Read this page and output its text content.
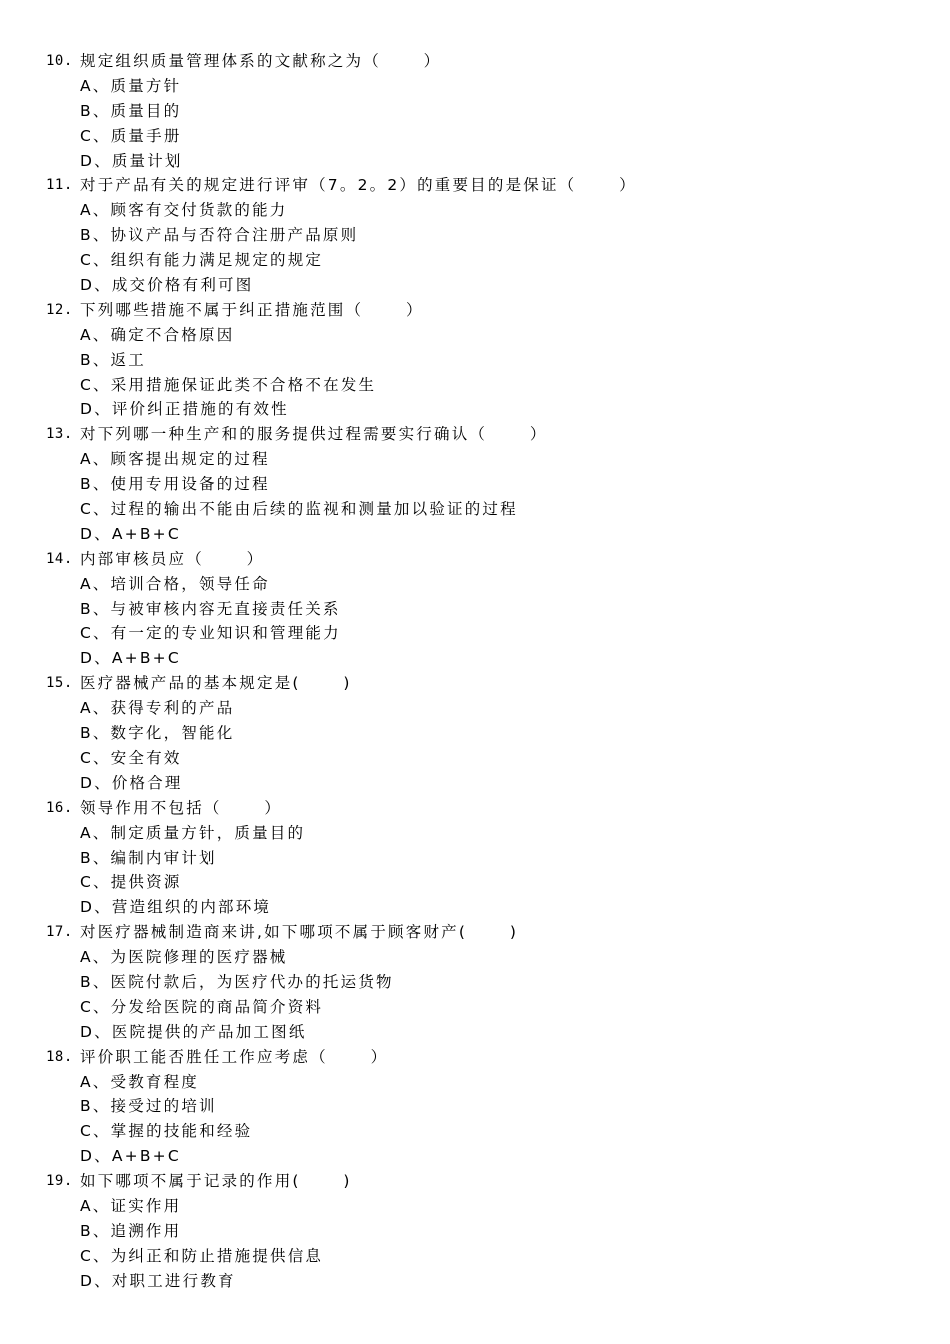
10. 规定组织质量管理体系的文献称之为（      ）
A、质量方针
B、质量目的
C、质量手册
D、质量计划
11. 对于产品有关的规定进行评审（7。2。2）的重要目的是保证（      ）
A、顾客有交付货款的能力
B、协议产品与否符合注册产品原则
C、组织有能力满足规定的规定
D、成交价格有利可图
12. 下列哪些措施不属于纠正措施范围（      ）
A、确定不合格原因
B、返工
C、采用措施保证此类不合格不在发生
D、评价纠正措施的有效性
13. 对下列哪一种生产和的服务提供过程需要实行确认（      ）
A、顾客提出规定的过程
B、使用专用设备的过程
C、过程的输出不能由后续的监视和测量加以验证的过程
D、A+B+C
14. 内部审核员应（      ）
A、培训合格，领导任命
B、与被审核内容无直接责任关系
C、有一定的专业知识和管理能力
D、A+B+C
15. 医疗器械产品的基本规定是(      )
A、获得专利的产品
B、数字化，智能化
C、安全有效
D、价格合理
16. 领导作用不包括（      ）
A、制定质量方针，质量目的
B、编制内审计划
C、提供资源
D、营造组织的内部环境
17. 对医疗器械制造商来讲,如下哪项不属于顾客财产(      )
A、为医院修理的医疗器械
B、医院付款后，为医疗代办的托运货物
C、分发给医院的商品简介资料
D、医院提供的产品加工图纸
18. 评价职工能否胜任工作应考虑（      ）
A、受教育程度
B、接受过的培训
C、掌握的技能和经验
D、A+B+C
19. 如下哪项不属于记录的作用(      )
A、证实作用
B、追溯作用
C、为纠正和防止措施提供信息
D、对职工进行教育
